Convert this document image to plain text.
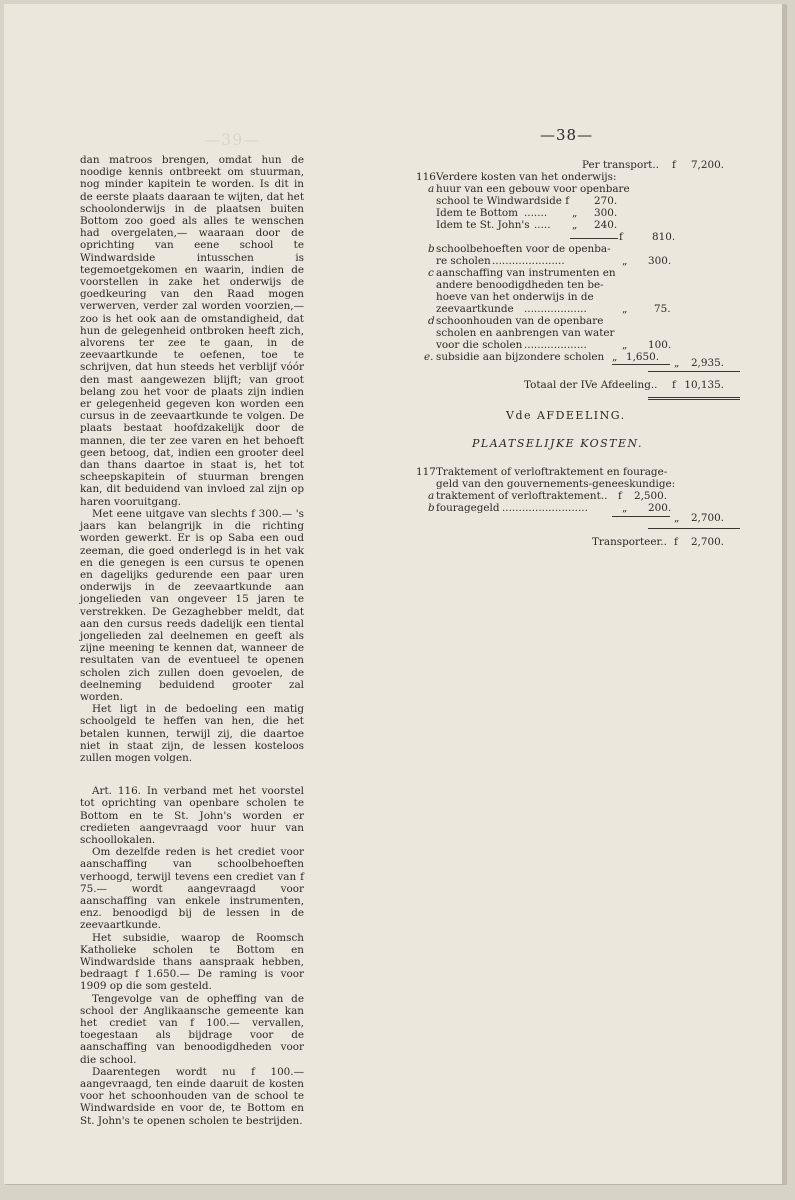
—39—	—38—

dan matroos brengen, omdat hun de noodige kennis ontbreekt om stuurman, nog minder kapitein te worden. Is dit in de eerste plaats daaraan te wijten, dat het schoolonderwijs in de plaatsen buiten Bottom zoo goed als alles te wenschen had overgelaten,— waaraan door de oprichting van eene school te Windwardside intusschen is tegemoetgekomen en waarin, indien de voorstellen in zake het onderwijs de goedkeuring van den Raad mogen verwerven, verder zal worden voorzien,— zoo is het ook aan de omstandigheid, dat hun de gelegenheid ontbroken heeft zich, alvorens ter zee te gaan, in de zeevaartkunde te oefenen, toe te schrijven, dat hun steeds het verblijf vóór den mast aangewezen blijft; van groot belang zou het voor de plaats zijn indien er gelegenheid gegeven kon worden een cursus in de zeevaartkunde te volgen. De plaats bestaat hoofdzakelijk door de mannen, die ter zee varen en het behoeft geen betoog, dat, indien een grooter deel dan thans daartoe in staat is, het tot scheepskapitein of stuurman brengen kan, dit beduidend van invloed zal zijn op haren vooruitgang.

Met eene uitgave van slechts f 300.— 's jaars kan belangrijk in die richting worden gewerkt. Er is op Saba een oud zeeman, die goed onderlegd is in het vak en die genegen is een cursus te openen en dagelijks gedurende een paar uren onderwijs in de zeevaartkunde aan jongelieden van ongeveer 15 jaren te verstrekken. De Gezaghebber meldt, dat aan den cursus reeds dadelijk een tiental jongelieden zal deelnemen en geeft als zijne meening te kennen dat, wanneer de resultaten van de eventueel te openen scholen zich zullen doen gevoelen, de deelneming beduidend grooter zal worden.

Het ligt in de bedoeling een matig schoolgeld te heffen van hen, die het betalen kunnen, terwijl zij, die daartoe niet in staat zijn, de lessen kosteloos zullen mogen volgen.

Art. 116. In verband met het voorstel tot oprichting van openbare scholen te Bottom en te St. John's worden er credieten aangevraagd voor huur van schoollokalen.

Om dezelfde reden is het crediet voor aanschaffing van schoolbehoeften verhoogd, terwijl tevens een crediet van f 75.— wordt aangevraagd voor aanschaffing van enkele instrumenten, enz. benoodigd bij de lessen in de zeevaartkunde.

Het subsidie, waarop de Roomsch Katholieke scholen te Bottom en Windwardside thans aanspraak hebben, bedraagt f 1.650.— De raming is voor 1909 op die som gesteld.

Tengevolge van de opheffing van de school der Anglikaansche gemeente kan het crediet van f 100.— vervallen, toegestaan als bijdrage voor de aanschaffing van benoodigdheden voor die school.

Daarentegen wordt nu f 100.— aangevraagd, ten einde daaruit de kosten voor het schoonhouden van de school te Windwardside en voor de, te Bottom en St. John's te openen scholen te bestrijden.

Per transport.. f 7,200.
116 Verdere kosten van het onderwijs:
a huur van een gebouw voor openbare
school te Windwardside f 270.
Idem te Bottom ....... „ 300.
Idem te St. John's ..... „ 240.
f	810.
b schoolbehoeften voor de openba-
re scholen ......................	„ 300.
c aanschaffing van instrumenten en
andere benoodigdheden ten be-
hoeve van het onderwijs in de
zeevaartkunde ...................	„	75.
d schoonhouden van de openbare
scholen en aanbrengen van water
voor die scholen ...................	„ 100.
e. subsidie aan bijzondere scholen „ 1,650. „ 2,935.
Totaal der IVe Afdeeling.. f 10,135.
Vde AFDEELING.
PLAATSELIJKE KOSTEN.
117 Traktement of verloftraktement en fourage-
geld van den gouvernements-geneeskundige:
a traktement of verloftraktement.. f 2,500.
b fouragegeld ..........................	„ 200.
„ 2,700.
Transporteer.. f 2,700.
